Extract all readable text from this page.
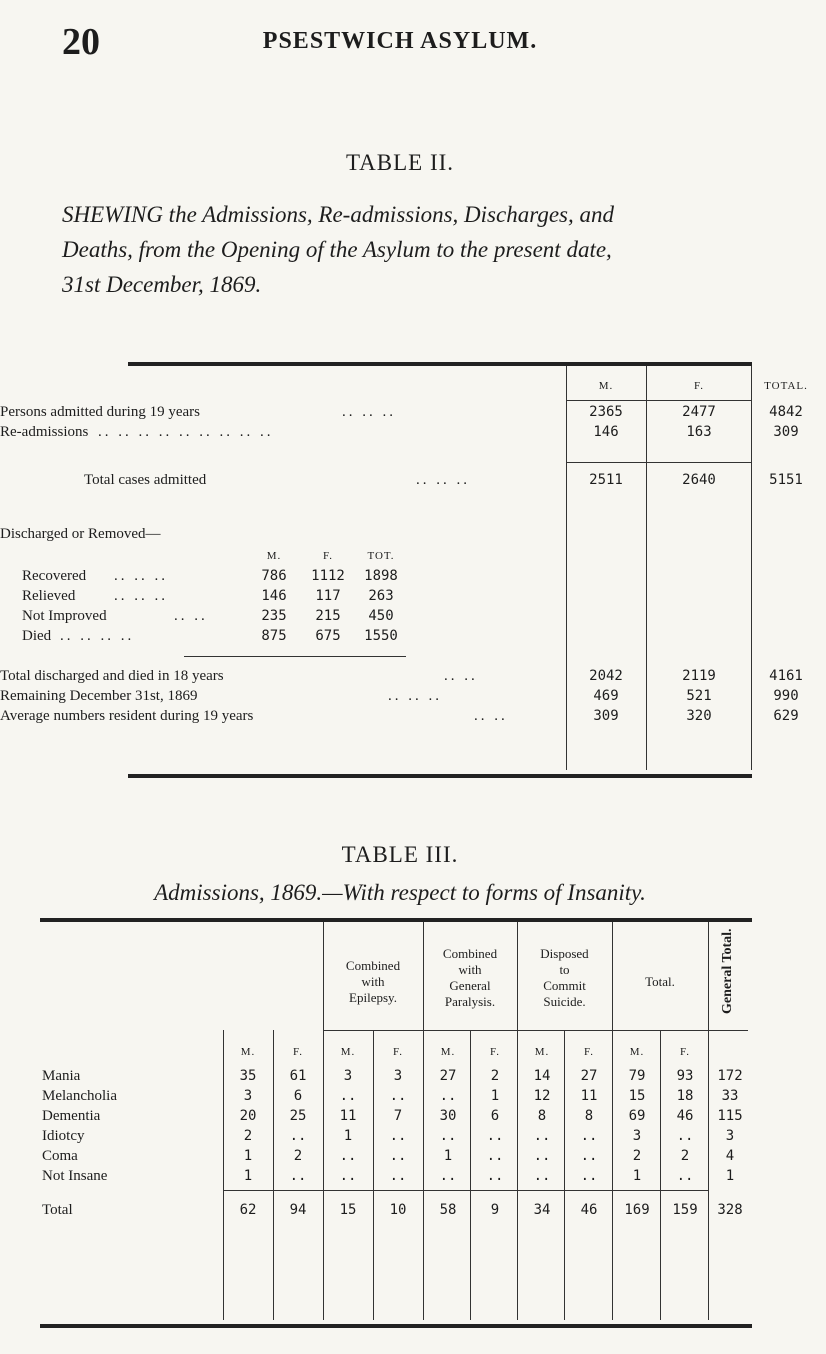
20	PSESTWICH ASYLUM.
TABLE II.
SHEWING the Admissions, Re-admissions, Discharges, and
Deaths, from the Opening of the Asylum to the present date,
31st December, 1869.
M.	F.	TOTAL.
Persons admitted during 19 years	.. .. ..	2365	2477	4842
Re-admissions .. .. .. .. .. .. .. .. ..	146	163	309
Total cases admitted	.. .. ..	2511	2640	5151
Discharged or Removed—
M.	F.	TOT.
Recovered .. .. ..	786	1112	1898
Relieved	.. .. ..	146	117	263
Not Improved	.. ..	235	215	450
Died .. .. .. ..	875	675	1550
Total discharged and died in 18 years	.. ..	2042	2119	4161
Remaining December 31st, 1869	.. .. ..	469	521	990
Average numbers resident during 19 years	.. ..	309	320	629
TABLE III.
Admissions, 1869.—With respect to forms of Insanity.
Combined
with
Epilepsy.
Combined
with
General
Paralysis.
Disposed
to
Commit
Suicide.
Total.	General Total.
M.	F.	M.	F.	M.	F.	M.	F.	M.	F.
Mania	35	61	3	3	27	2	14	27	79	93	172
Melancholia	3	6	..	..	..	1	12	11	15	18	33
Dementia	20	25	11	7	30	6	8	8	69	46	115
Idiotcy	2	..	1	..	..	..	..	..	3	..	3
Coma	1	2	..	..	1	..	..	..	2	2	4
Not Insane	1	..	..	..	..	..	..	..	1	..	1
Total	62	94	15	10	58	9	34	46	169	159	328
